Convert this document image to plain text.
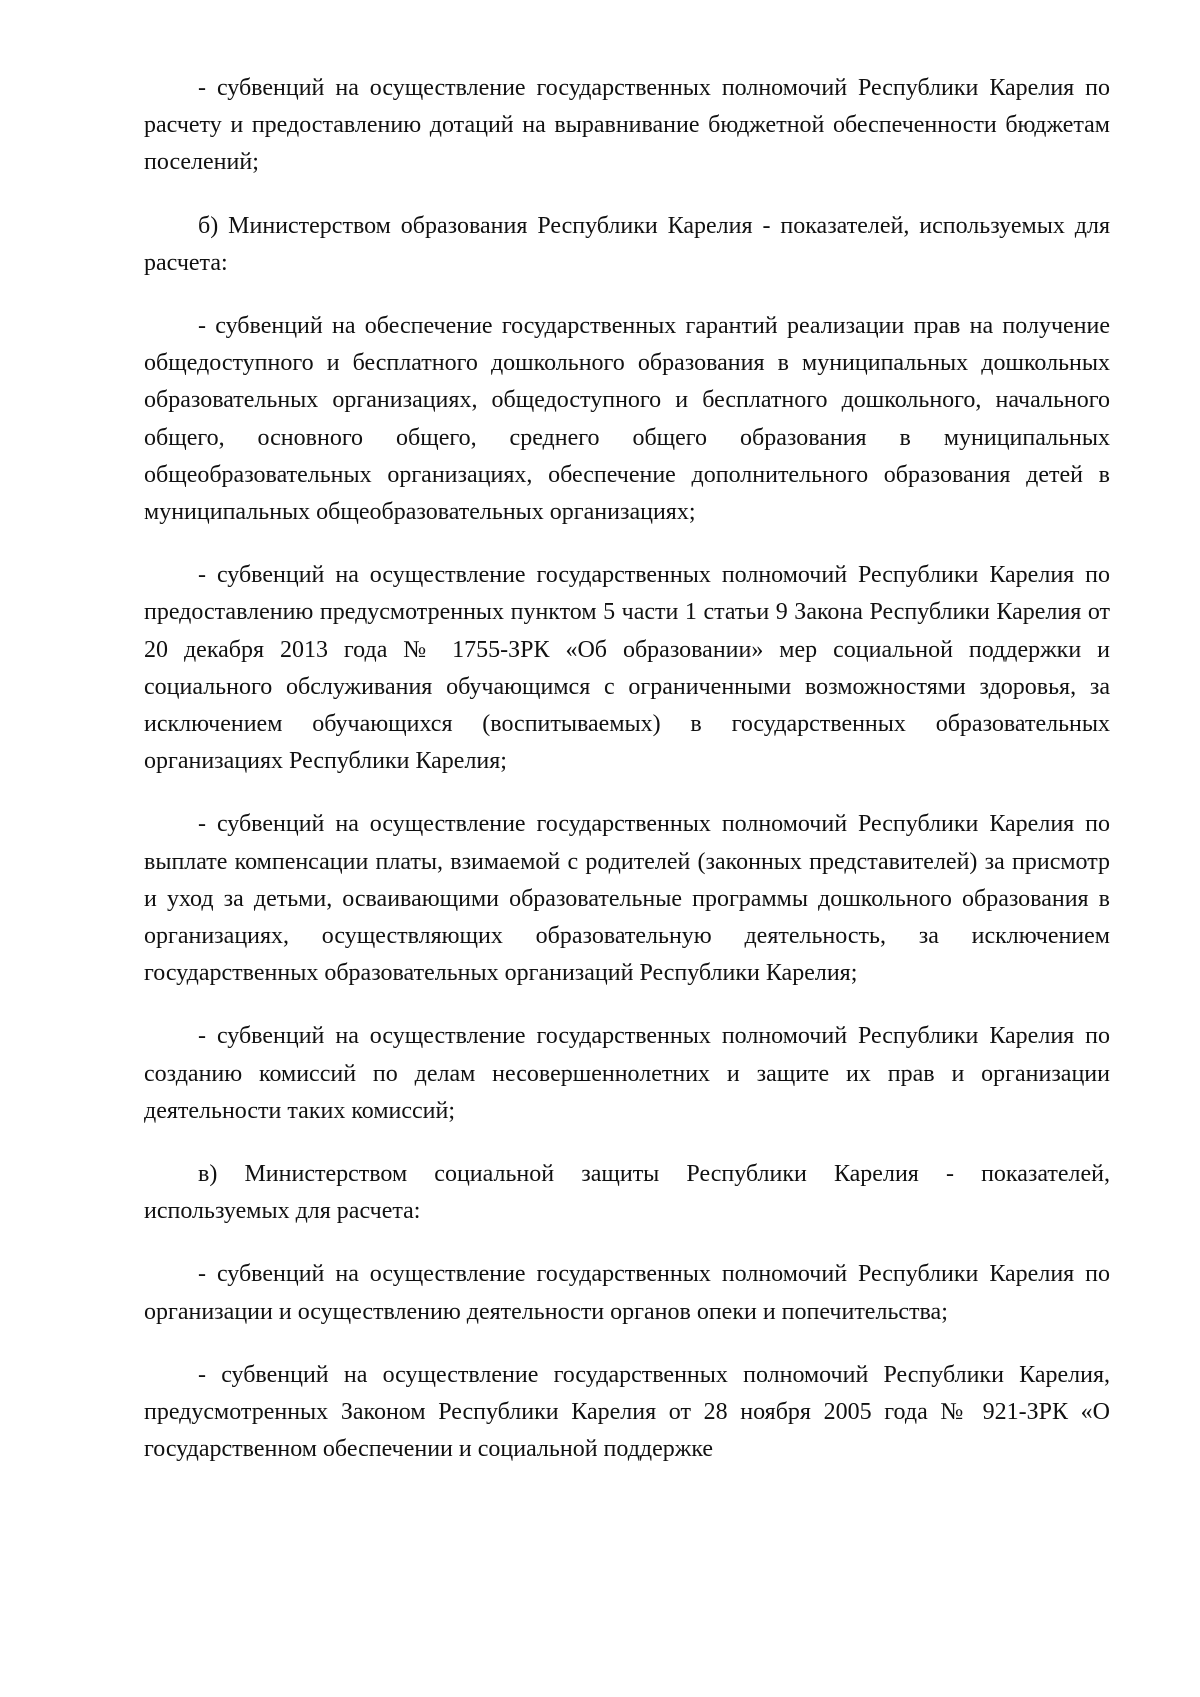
- субвенций на осуществление государственных полномочий Республики Карелия по расчету и предоставлению дотаций на выравнивание бюджетной обеспеченности бюджетам поселений;

б) Министерством образования Республики Карелия - показателей, используемых для расчета:

- субвенций на обеспечение государственных гарантий реализации прав на получение общедоступного и бесплатного дошкольного образования в муниципальных дошкольных образовательных организациях, общедоступного и бесплатного дошкольного, начального общего, основного общего, среднего общего образования в муниципальных общеобразовательных организациях, обеспечение дополнительного образования детей в муниципальных общеобразовательных организациях;

- субвенций на осуществление государственных полномочий Республики Карелия по предоставлению предусмотренных пунктом 5 части 1 статьи 9 Закона Республики Карелия от 20 декабря 2013 года № 1755-ЗРК «Об образовании» мер социальной поддержки и социального обслуживания обучающимся с ограниченными возможностями здоровья, за исключением обучающихся (воспитываемых) в государственных образовательных организациях Республики Карелия;

- субвенций на осуществление государственных полномочий Республики Карелия по выплате компенсации платы, взимаемой с родителей (законных представителей) за присмотр и уход за детьми, осваивающими образовательные программы дошкольного образования в организациях, осуществляющих образовательную деятельность, за исключением государственных образовательных организаций Республики Карелия;

- субвенций на осуществление государственных полномочий Республики Карелия по созданию комиссий по делам несовершеннолетних и защите их прав и организации деятельности таких комиссий;

в) Министерством социальной защиты Республики Карелия - показателей, используемых для расчета:

- субвенций на осуществление государственных полномочий Республики Карелия по организации и осуществлению деятельности органов опеки и попечительства;

- субвенций на осуществление государственных полномочий Республики Карелия, предусмотренных Законом Республики Карелия от 28 ноября 2005 года № 921-ЗРК «О государственном обеспечении и социальной поддержке
